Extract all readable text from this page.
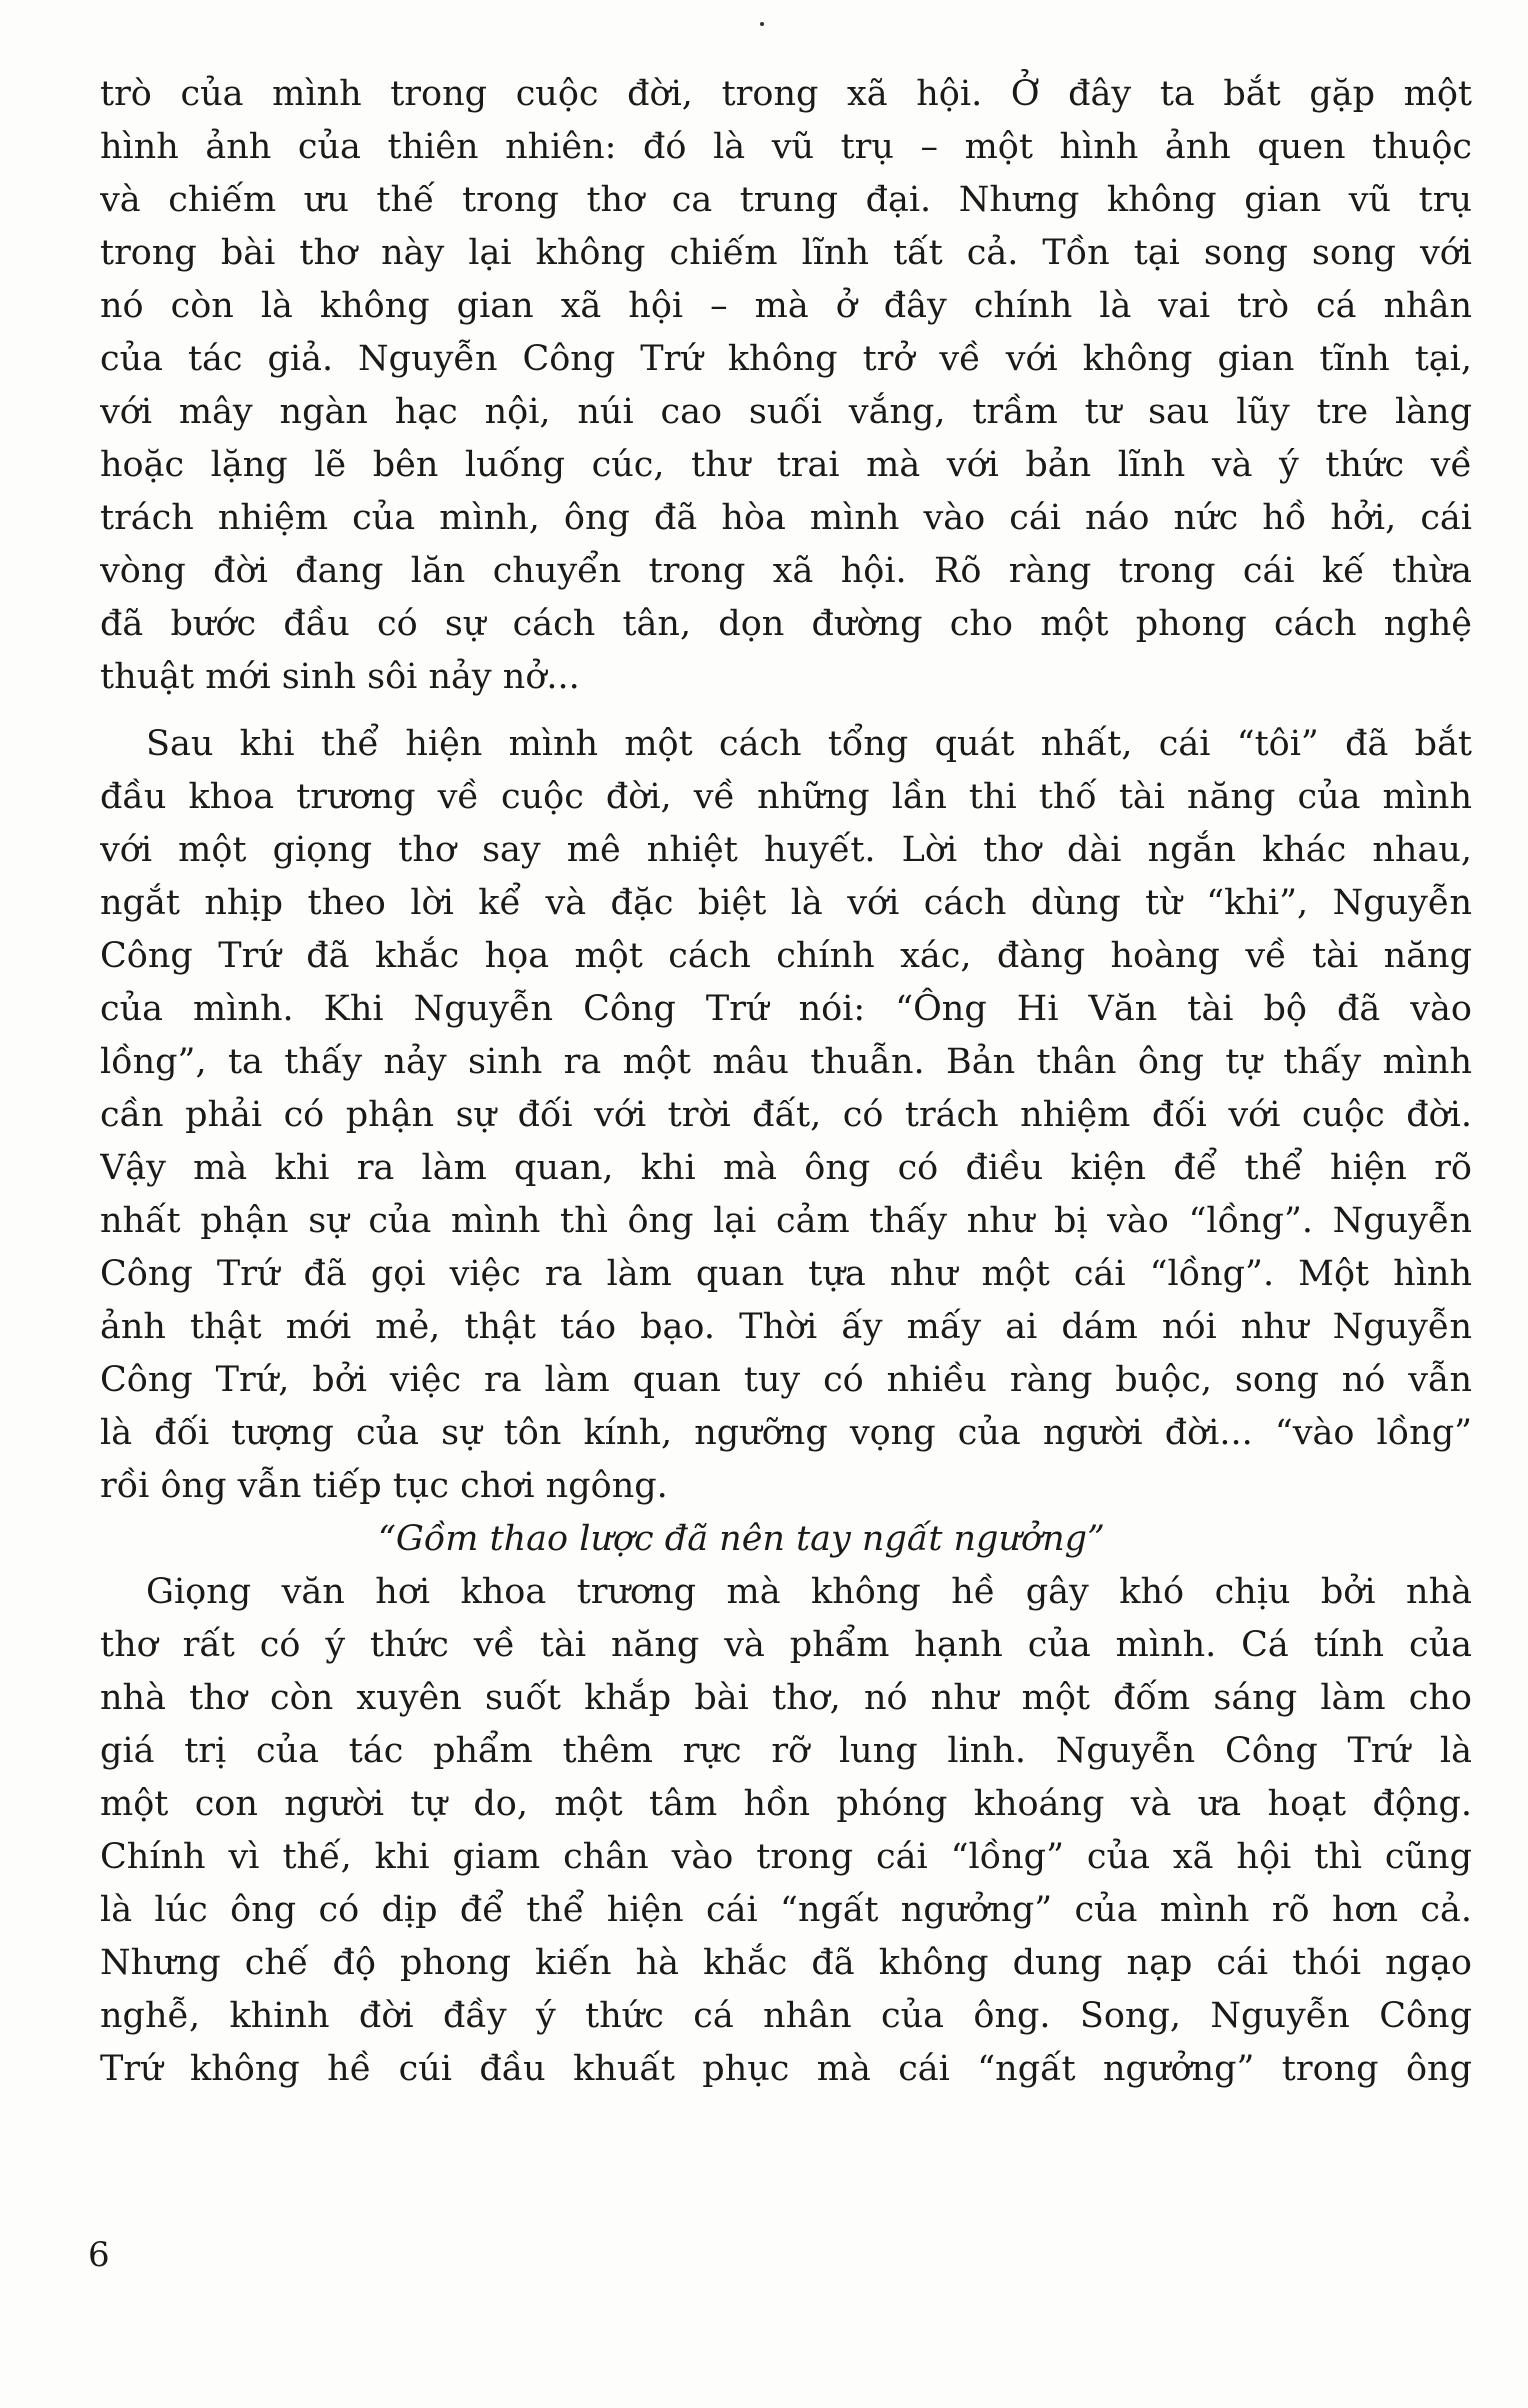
trò của mình trong cuộc đời, trong xã hội. Ở đây ta bắt gặp một
hình ảnh của thiên nhiên: đó là vũ trụ – một hình ảnh quen thuộc
và chiếm ưu thế trong thơ ca trung đại. Nhưng không gian vũ trụ
trong bài thơ này lại không chiếm lĩnh tất cả. Tồn tại song song với
nó còn là không gian xã hội – mà ở đây chính là vai trò cá nhân
của tác giả. Nguyễn Công Trứ không trở về với không gian tĩnh tại,
với mây ngàn hạc nội, núi cao suối vắng, trầm tư sau lũy tre làng
hoặc lặng lẽ bên luống cúc, thư trai mà với bản lĩnh và ý thức về
trách nhiệm của mình, ông đã hòa mình vào cái náo nức hồ hởi, cái
vòng đời đang lăn chuyển trong xã hội. Rõ ràng trong cái kế thừa
đã bước đầu có sự cách tân, dọn đường cho một phong cách nghệ
thuật mới sinh sôi nảy nở...
Sau khi thể hiện mình một cách tổng quát nhất, cái “tôi” đã bắt
đầu khoa trương về cuộc đời, về những lần thi thố tài năng của mình
với một giọng thơ say mê nhiệt huyết. Lời thơ dài ngắn khác nhau,
ngắt nhịp theo lời kể và đặc biệt là với cách dùng từ “khi”, Nguyễn
Công Trứ đã khắc họa một cách chính xác, đàng hoàng về tài năng
của mình. Khi Nguyễn Công Trứ nói: “Ông Hi Văn tài bộ đã vào
lồng”, ta thấy nảy sinh ra một mâu thuẫn. Bản thân ông tự thấy mình
cần phải có phận sự đối với trời đất, có trách nhiệm đối với cuộc đời.
Vậy mà khi ra làm quan, khi mà ông có điều kiện để thể hiện rõ
nhất phận sự của mình thì ông lại cảm thấy như bị vào “lồng”. Nguyễn
Công Trứ đã gọi việc ra làm quan tựa như một cái “lồng”. Một hình
ảnh thật mới mẻ, thật táo bạo. Thời ấy mấy ai dám nói như Nguyễn
Công Trứ, bởi việc ra làm quan tuy có nhiều ràng buộc, song nó vẫn
là đối tượng của sự tôn kính, ngưỡng vọng của người đời... “vào lồng”
rồi ông vẫn tiếp tục chơi ngông.
“Gồm thao lược đã nên tay ngất ngưởng”
Giọng văn hơi khoa trương mà không hề gây khó chịu bởi nhà
thơ rất có ý thức về tài năng và phẩm hạnh của mình. Cá tính của
nhà thơ còn xuyên suốt khắp bài thơ, nó như một đốm sáng làm cho
giá trị của tác phẩm thêm rực rỡ lung linh. Nguyễn Công Trứ là
một con người tự do, một tâm hồn phóng khoáng và ưa hoạt động.
Chính vì thế, khi giam chân vào trong cái “lồng” của xã hội thì cũng
là lúc ông có dịp để thể hiện cái “ngất ngưởng” của mình rõ hơn cả.
Nhưng chế độ phong kiến hà khắc đã không dung nạp cái thói ngạo
nghễ, khinh đời đầy ý thức cá nhân của ông. Song, Nguyễn Công
Trứ không hề cúi đầu khuất phục mà cái “ngất ngưởng” trong ông
6
